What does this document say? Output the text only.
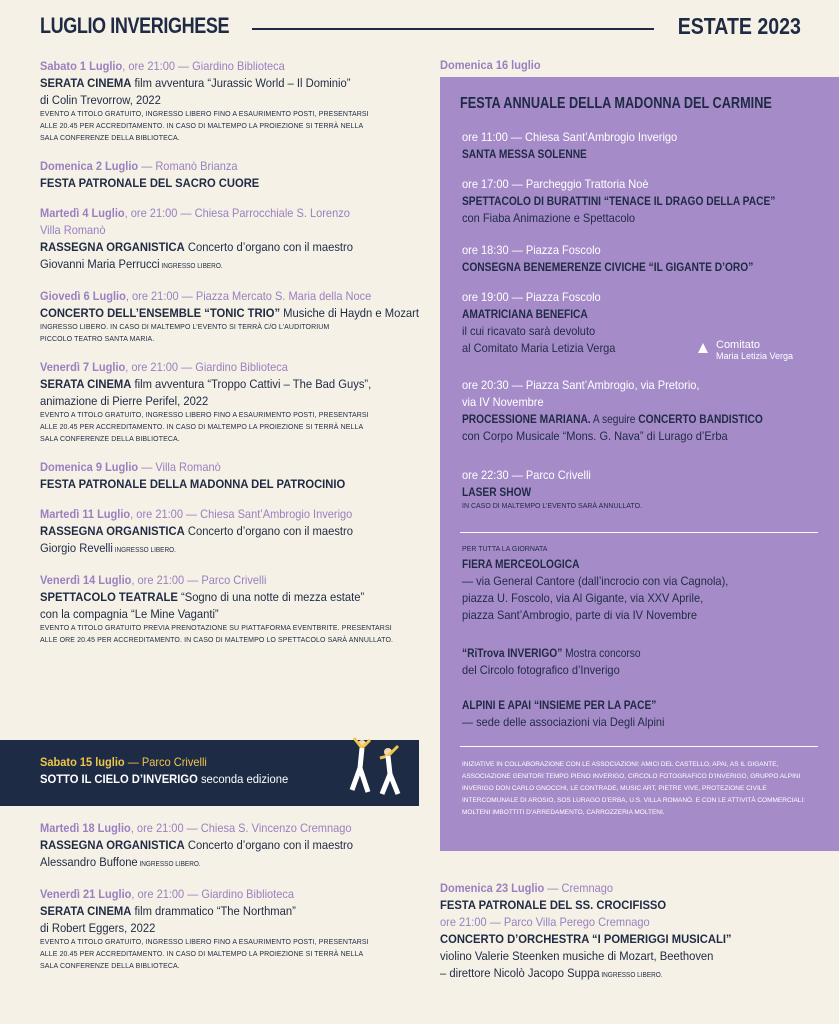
LUGLIO INVERIGHESE	ESTATE 2023
Sabato 1 Luglio, ore 21:00 — Giardino Biblioteca
SERATA CINEMA film avventura “Jurassic World – Il Dominio”
di Colin Trevorrow, 2022
EVENTO A TITOLO GRATUITO, INGRESSO LIBERO FINO A ESAURIMENTO POSTI, PRESENTARSI
ALLE 20.45 PER ACCREDITAMENTO. IN CASO DI MALTEMPO LA PROIEZIONE SI TERRÀ NELLA
SALA CONFERENZE DELLA BIBLIOTECA.
Domenica 2 Luglio — Romanò Brianza
FESTA PATRONALE DEL SACRO CUORE
Martedì 4 Luglio, ore 21:00 — Chiesa Parrocchiale S. Lorenzo
Villa Romanò
RASSEGNA ORGANISTICA Concerto d’organo con il maestro
Giovanni Maria Perrucci INGRESSO LIBERO.
Giovedì 6 Luglio, ore 21:00 — Piazza Mercato S. Maria della Noce
CONCERTO DELL’ENSEMBLE “TONIC TRIO” Musiche di Haydn e Mozart
INGRESSO LIBERO. IN CASO DI MALTEMPO L’EVENTO SI TERRÀ C/O L’AUDITORIUM
PICCOLO TEATRO SANTA MARIA.
Venerdì 7 Luglio, ore 21:00 — Giardino Biblioteca
SERATA CINEMA film avventura “Troppo Cattivi – The Bad Guys”,
animazione di Pierre Perifel, 2022
EVENTO A TITOLO GRATUITO, INGRESSO LIBERO FINO A ESAURIMENTO POSTI, PRESENTARSI
ALLE 20.45 PER ACCREDITAMENTO. IN CASO DI MALTEMPO LA PROIEZIONE SI TERRÀ NELLA
SALA CONFERENZE DELLA BIBLIOTECA.
Domenica 9 Luglio — Villa Romanò
FESTA PATRONALE DELLA MADONNA DEL PATROCINIO
Martedì 11 Luglio, ore 21:00 — Chiesa Sant’Ambrogio Inverigo
RASSEGNA ORGANISTICA Concerto d’organo con il maestro
Giorgio Revelli INGRESSO LIBERO.
Venerdì 14 Luglio, ore 21:00 — Parco Crivelli
SPETTACOLO TEATRALE “Sogno di una notte di mezza estate”
con la compagnia “Le Mine Vaganti”
EVENTO A TITOLO GRATUITO PREVIA PRENOTAZIONE SU PIATTAFORMA EVENTBRITE. PRESENTARSI
ALLE ORE 20.45 PER ACCREDITAMENTO. IN CASO DI MALTEMPO LO SPETTACOLO SARÀ ANNULLATO.
Sabato 15 luglio — Parco Crivelli
SOTTO IL CIELO D’INVERIGO seconda edizione
Martedì 18 Luglio, ore 21:00 — Chiesa S. Vincenzo Cremnago
RASSEGNA ORGANISTICA Concerto d’organo con il maestro
Alessandro Buffone INGRESSO LIBERO.
Venerdì 21 Luglio, ore 21:00 — Giardino Biblioteca
SERATA CINEMA film drammatico “The Northman”
di Robert Eggers, 2022
EVENTO A TITOLO GRATUITO, INGRESSO LIBERO FINO A ESAURIMENTO POSTI, PRESENTARSI
ALLE 20.45 PER ACCREDITAMENTO. IN CASO DI MALTEMPO LA PROIEZIONE SI TERRÀ NELLA
SALA CONFERENZE DELLA BIBLIOTECA.
Domenica 16 luglio
FESTA ANNUALE DELLA MADONNA DEL CARMINE
ore 11:00 — Chiesa Sant’Ambrogio Inverigo
SANTA MESSA SOLENNE
ore 17:00 — Parcheggio Trattoria Noè
SPETTACOLO DI BURATTINI “TENACE IL DRAGO DELLA PACE”
con Fiaba Animazione e Spettacolo
ore 18:30 — Piazza Foscolo
CONSEGNA BENEMERENZE CIVICHE “IL GIGANTE D’ORO”
ore 19:00 — Piazza Foscolo
AMATRICIANA BENEFICA
il cui ricavato sarà devoluto
al Comitato Maria Letizia Verga	Comitato
Maria Letizia Verga
ore 20:30 — Piazza Sant’Ambrogio, via Pretorio,
via IV Novembre
PROCESSIONE MARIANA. A seguire CONCERTO BANDISTICO
con Corpo Musicale “Mons. G. Nava” di Lurago d’Erba
ore 22:30 — Parco Crivelli
LASER SHOW
IN CASO DI MALTEMPO L’EVENTO SARÀ ANNULLATO.
PER TUTTA LA GIORNATA
FIERA MERCEOLOGICA
— via General Cantore (dall’incrocio con via Cagnola),
piazza U. Foscolo, via Al Gigante, via XXV Aprile,
piazza Sant’Ambrogio, parte di via IV Novembre
“RiTrova INVERIGO” Mostra concorso
del Circolo fotografico d’Inverigo
ALPINI E APAI “INSIEME PER LA PACE”
— sede delle associazioni via Degli Alpini
INIZIATIVE IN COLLABORAZIONE CON LE ASSOCIAZIONI: AMICI DEL CASTELLO, APAI, AS IL GIGANTE, ASSOCIAZIONE GENITORI TEMPO PIENO INVERIGO, CIRCOLO FOTOGRAFICO D’INVERIGO, GRUPPO ALPINI INVERIGO DON CARLO GNOCCHI, LE CONTRADE, MUSIC ART, PIETRE VIVE, PROTEZIONE CIVILE INTERCOMUNALE DI AROSIO, SOS LURAGO D’ERBA, U.S. VILLA ROMANÒ. E CON LE ATTIVITÀ COMMERCIALI: MOLTENI IMBOTTITI D’ARREDAMENTO, CARROZZERIA MOLTENI.
Domenica 23 Luglio — Cremnago
FESTA PATRONALE DEL SS. CROCIFISSO
ore 21:00 — Parco Villa Perego Cremnago
CONCERTO D’ORCHESTRA “I POMERIGGI MUSICALI”
violino Valerie Steenken musiche di Mozart, Beethoven
– direttore Nicolò Jacopo Suppa INGRESSO LIBERO.
